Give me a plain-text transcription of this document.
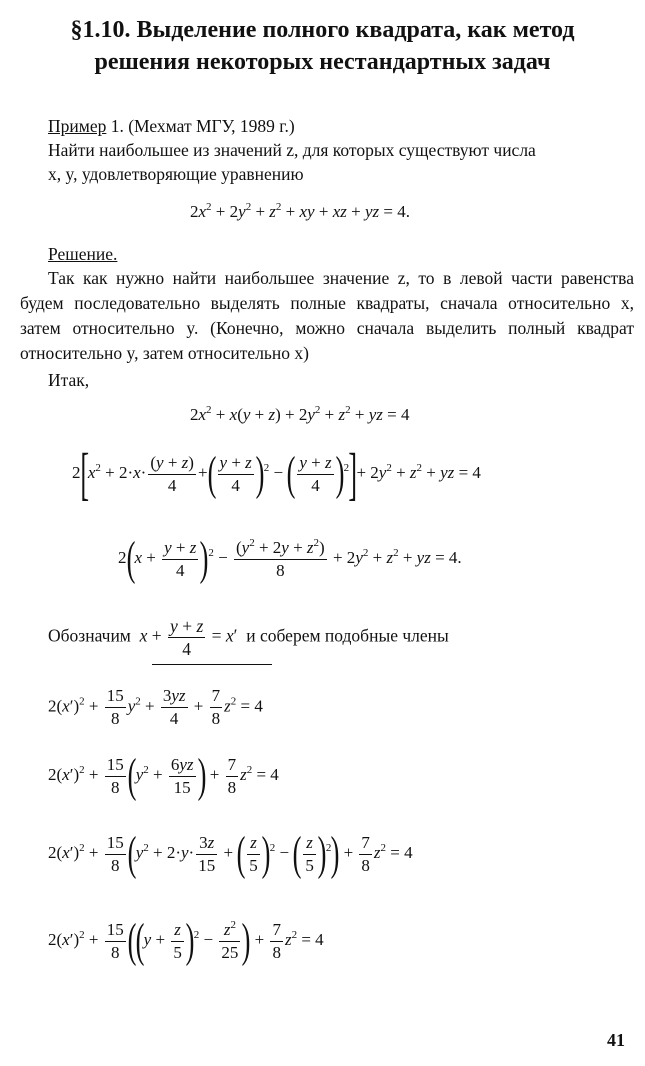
§1.10. Выделение полного квадрата, как метод
решения некоторых нестандартных задач
Пример 1. (Мехмат МГУ, 1989 г.)
Найти наибольшее из значений z, для которых существуют числа
x, y, удовлетворяющие уравнению
$2x^2 + 2y^2 + z^2$ + xy + xz + yz = 4.
Решение.
Так как нужно найти наибольшее значение z, то в левой части равенства будем последовательно выделять полные квадраты, сначала относительно x, затем относительно y. (Конечно, можно сначала выделить полный квадрат относительно y, затем относительно x)
Итак,
$2x^2 + x(y + z) + 2y^2 + z^2$ + yz = 4
$2[x^2 + 2\cdot x\cdot \frac{(y + z)}{4}$ +( $\frac{y + z}{4} )^2$ − ( $\frac{y + z}{4} )^2]+ 2y^2 + z^2$ + yz = 4
$2(x + \frac{y + z}{4} )^2 - \frac{(y^2 + 2y + z^2)}{8} + 2y^2 + z^2$ + yz = 4.
Обозначим $x + \frac{y + z}{4} = x'$  и соберем подобные члены
$2(x')^2 + \frac{15}{8} y^2 + \frac{3yz}{4} + \frac{7}{8} z^2 = 4$
$2(x')^2 + \frac{15}{8} (y^2 + \frac{6yz}{15}$ ) + $\frac{7}{8} z^2 = 4$
$2(x')^2 + \frac{15}{8} (y^2 + 2\cdot y\cdot \frac{3z}{15}$ + ( $\frac{z}{5} )^2$ − ( $\frac{z}{5} )^2) + \frac{7}{8} z^2 = 4$
$2(x')^2 + \frac{15}{8} ((y + \frac{z}{5} )^2 - \frac{z^2}{25}$ ) + $\frac{7}{8} z^2 = 4$
41
